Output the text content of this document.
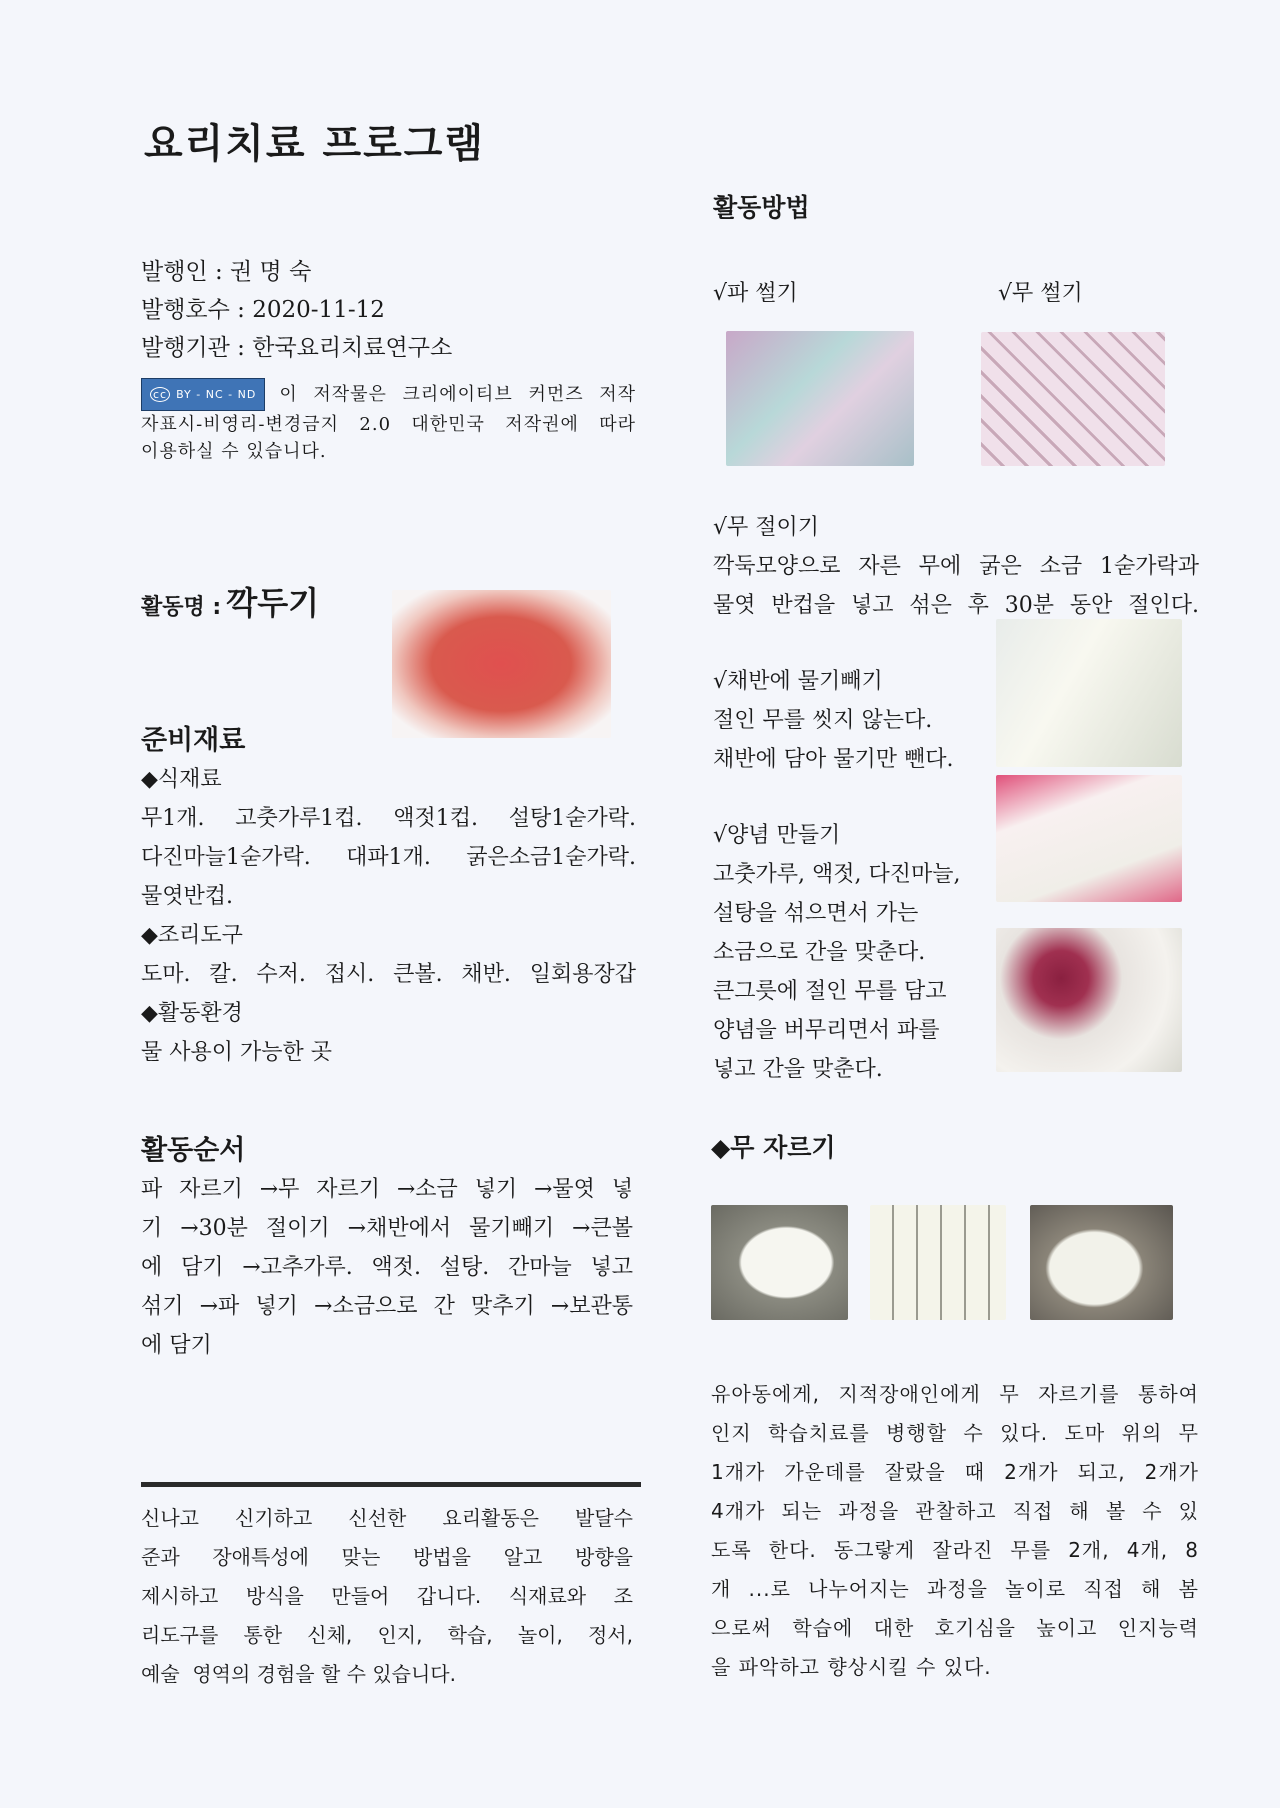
요리치료 프로그램
발행인 : 권 명 숙
발행호수 : 2020-11-12
발행기관 : 한국요리치료연구소
cc BY - NC - ND	이 저작물은 크리에이티브 커먼즈 저작
자표시-비영리-변경금지 2.0 대한민국 저작권에 따라
이용하실 수 있습니다.
활동명 : 깍두기
준비재료
◆식재료
무1개.  고춧가루1컵.  액젓1컵.  설탕1숟가락.
다진마늘1숟가락.  대파1개.  굵은소금1숟가락.
물엿반컵.
◆조리도구
도마. 칼. 수저. 접시. 큰볼. 채반. 일회용장갑
◆활동환경
물 사용이 가능한 곳
활동순서
파 자르기 →무 자르기 →소금 넣기 →물엿 넣
기 →30분 절이기 →채반에서 물기빼기 →큰볼
에 담기 →고추가루. 액젓. 설탕. 간마늘 넣고
섞기 →파 넣기 →소금으로 간 맞추기 →보관통
에 담기
신나고 신기하고 신선한 요리활동은 발달수
준과 장애특성에 맞는 방법을 알고 방향을
제시하고 방식을 만들어 갑니다. 식재료와 조
리도구를 통한 신체, 인지, 학습, 놀이, 정서,
예술  영역의 경험을 할 수 있습니다.
활동방법
√파 썰기	√무 썰기
√무 절이기
깍둑모양으로 자른 무에 굵은 소금 1숟가락과
물엿 반컵을 넣고 섞은 후 30분 동안 절인다.
√채반에 물기빼기
절인 무를 씻지 않는다.
채반에 담아 물기만 뺀다.
√양념 만들기
고춧가루, 액젓, 다진마늘,
설탕을 섞으면서 가는
소금으로 간을 맞춘다.
큰그릇에 절인 무를 담고
양념을 버무리면서 파를
넣고 간을 맞춘다.
◆무 자르기
유아동에게, 지적장애인에게 무 자르기를 통하여
인지 학습치료를 병행할 수 있다. 도마 위의 무
1개가 가운데를 잘랐을 때 2개가 되고, 2개가
4개가 되는 과정을 관찰하고 직접 해 볼 수 있
도록 한다. 동그랗게 잘라진 무를 2개, 4개, 8
개 ...로 나누어지는 과정을 놀이로 직접 해 봄
으로써 학습에 대한 호기심을 높이고 인지능력
을 파악하고 향상시킬 수 있다.
